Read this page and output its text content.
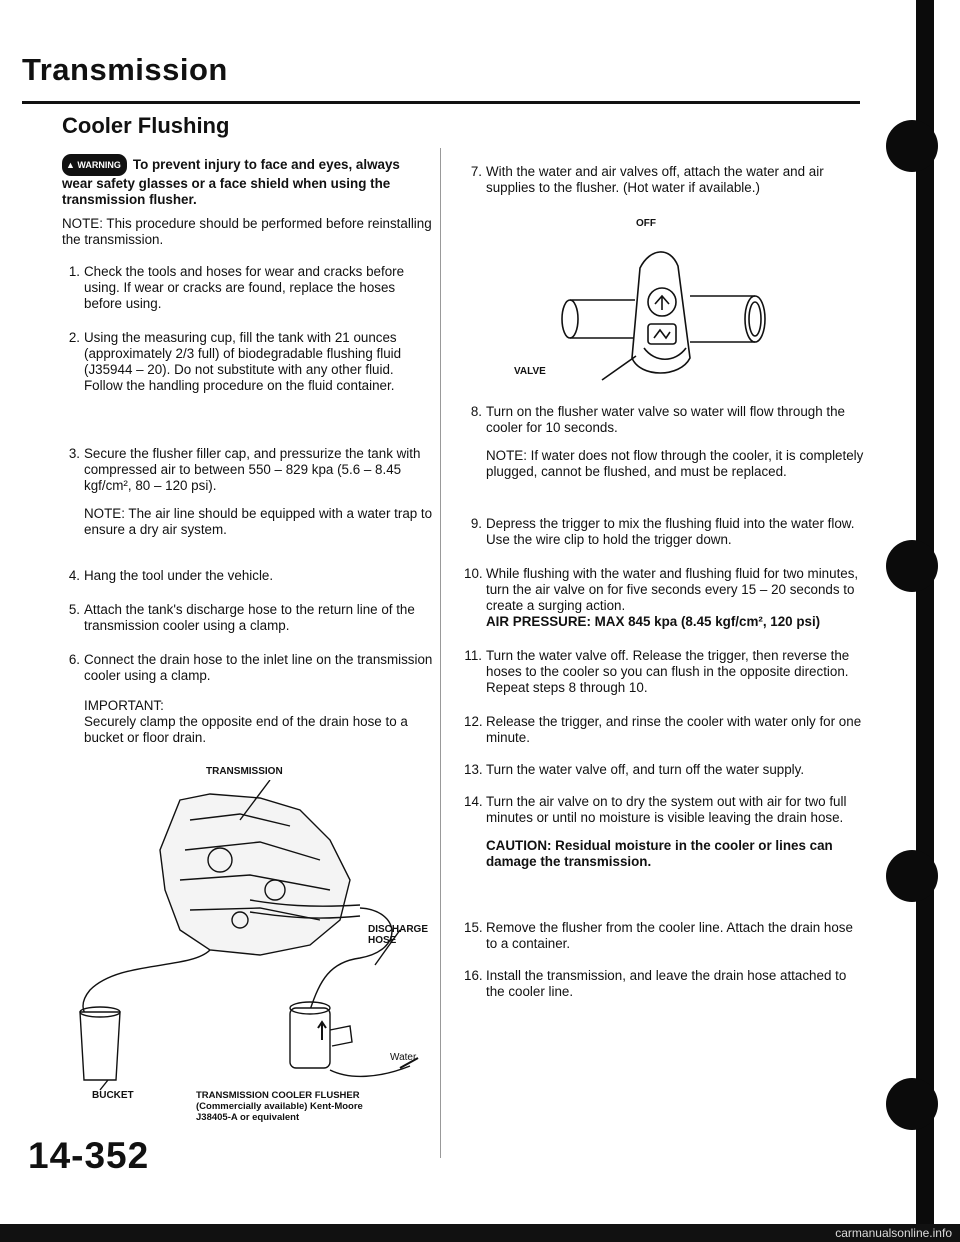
Transmission
Cooler Flushing
▲ WARNING To prevent injury to face and eyes, always wear safety glasses or a face shield when using the transmission flusher.
NOTE: This procedure should be performed before reinstalling the transmission.
1. Check the tools and hoses for wear and cracks before using. If wear or cracks are found, replace the hoses before using.
2. Using the measuring cup, fill the tank with 21 ounces (approximately 2/3 full) of biodegradable flushing fluid (J35944 – 20). Do not substitute with any other fluid. Follow the handling procedure on the fluid container.
3. Secure the flusher filler cap, and pressurize the tank with compressed air to between 550 – 829 kpa (5.6 – 8.45 kgf/cm², 80 – 120 psi).
NOTE: The air line should be equipped with a water trap to ensure a dry air system.
4. Hang the tool under the vehicle.
5. Attach the tank's discharge hose to the return line of the transmission cooler using a clamp.
6. Connect the drain hose to the inlet line on the transmission cooler using a clamp.
IMPORTANT:
Securely clamp the opposite end of the drain hose to a bucket or floor drain.
TRANSMISSION
DISCHARGE HOSE
Water
BUCKET	TRANSMISSION COOLER FLUSHER (Commercially available) Kent-Moore J38405-A or equivalent
14-352
7. With the water and air valves off, attach the water and air supplies to the flusher. (Hot water if available.)
OFF
VALVE
8. Turn on the flusher water valve so water will flow through the cooler for 10 seconds.
NOTE: If water does not flow through the cooler, it is completely plugged, cannot be flushed, and must be replaced.
9. Depress the trigger to mix the flushing fluid into the water flow. Use the wire clip to hold the trigger down.
10. While flushing with the water and flushing fluid for two minutes, turn the air valve on for five seconds every 15 – 20 seconds to create a surging action.
AIR PRESSURE: MAX 845 kpa (8.45 kgf/cm², 120 psi)
11. Turn the water valve off. Release the trigger, then reverse the hoses to the cooler so you can flush in the opposite direction. Repeat steps 8 through 10.
12. Release the trigger, and rinse the cooler with water only for one minute.
13. Turn the water valve off, and turn off the water supply.
14. Turn the air valve on to dry the system out with air for two full minutes or until no moisture is visible leaving the drain hose.
CAUTION: Residual moisture in the cooler or lines can damage the transmission.
15. Remove the flusher from the cooler line. Attach the drain hose to a container.
16. Install the transmission, and leave the drain hose attached to the cooler line.
carmanualsonline.info
